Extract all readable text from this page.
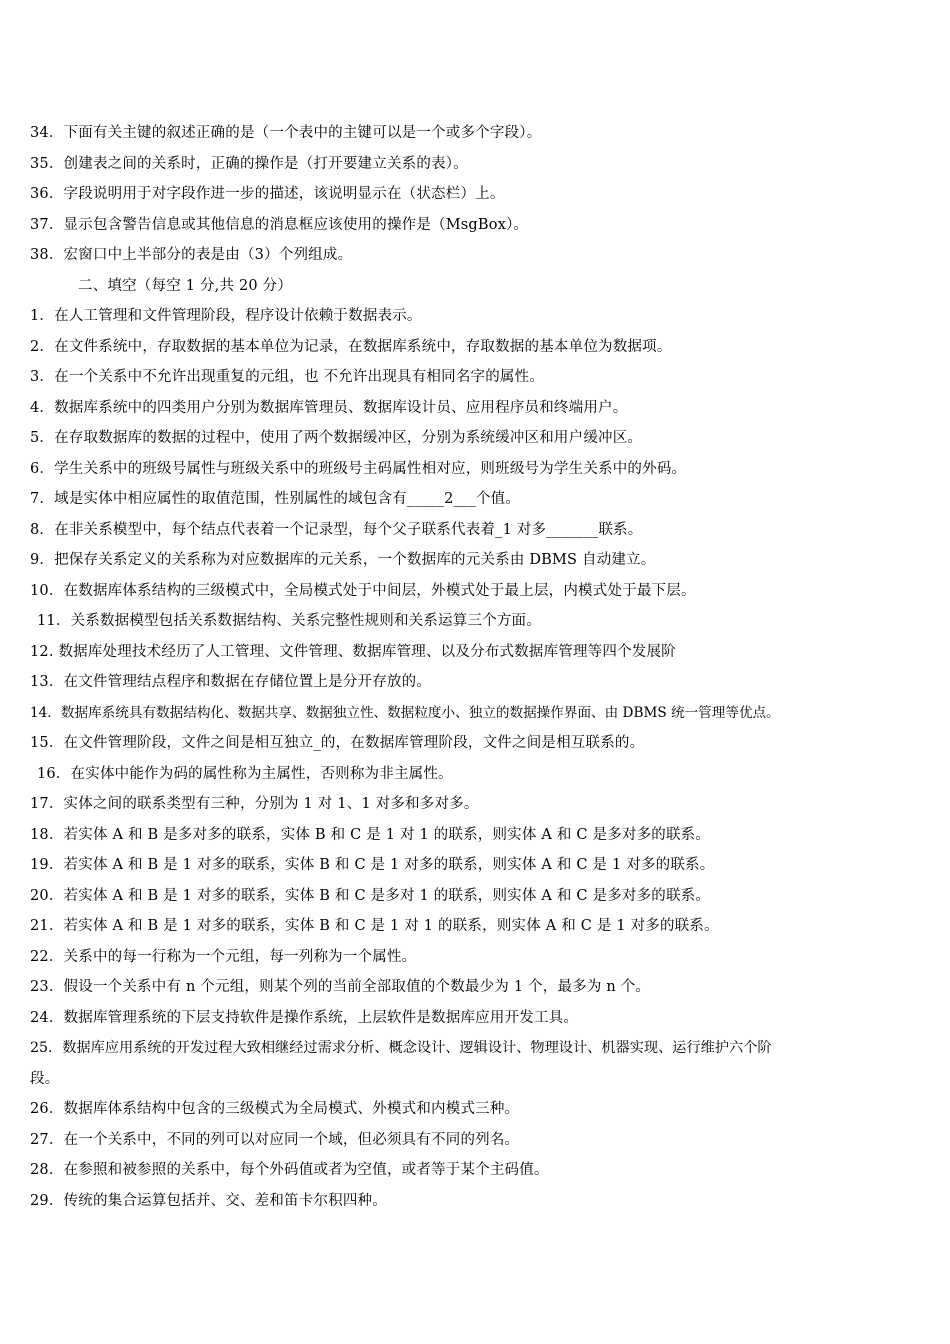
34．下面有关主键的叙述正确的是（一个表中的主键可以是一个或多个字段）。
35．创建表之间的关系时，正确的操作是（打开要建立关系的表）。
36．字段说明用于对字段作进一步的描述，该说明显示在（状态栏）上。
37．显示包含警告信息或其他信息的消息框应该使用的操作是（MsgBox）。
38．宏窗口中上半部分的表是由（3）个列组成。
二、填空（每空 1 分,共 20 分）
1．在人工管理和文件管理阶段，程序设计依赖于数据表示。
2．在文件系统中，存取数据的基本单位为记录，在数据库系统中，存取数据的基本单位为数据项。
3．在一个关系中不允许出现重复的元组，也 不允许出现具有相同名字的属性。
4．数据库系统中的四类用户分别为数据库管理员、数据库设计员、应用程序员和终端用户。
5．在存取数据库的数据的过程中，使用了两个数据缓冲区，分别为系统缓冲区和用户缓冲区。
6．学生关系中的班级号属性与班级关系中的班级号主码属性相对应，则班级号为学生关系中的外码。
7．域是实体中相应属性的取值范围，性别属性的域包含有_____2___个值。
8．在非关系模型中，每个结点代表着一个记录型，每个父子联系代表着_1 对多_______联系。
9．把保存关系定义的关系称为对应数据库的元关系，一个数据库的元关系由 DBMS 自动建立。
10．在数据库体系结构的三级模式中，全局模式处于中间层，外模式处于最上层，内模式处于最下层。
11．关系数据模型包括关系数据结构、关系完整性规则和关系运算三个方面。
12. 数据库处理技术经历了人工管理、文件管理、数据库管理、以及分布式数据库管理等四个发展阶
13．在文件管理结点程序和数据在存储位置上是分开存放的。
14．数据库系统具有数据结构化、数据共享、数据独立性、数据粒度小、独立的数据操作界面、由 DBMS 统一管理等优点。
15．在文件管理阶段，文件之间是相互独立_的，在数据库管理阶段，文件之间是相互联系的。
16．在实体中能作为码的属性称为主属性，否则称为非主属性。
17．实体之间的联系类型有三种，分别为 1 对 1、1 对多和多对多。
18．若实体 A 和 B 是多对多的联系，实体 B 和 C 是 1 对 1 的联系，则实体 A 和 C 是多对多的联系。
19．若实体 A 和 B 是 1 对多的联系，实体 B 和 C 是 1 对多的联系，则实体 A 和 C 是 1 对多的联系。
20．若实体 A 和 B 是 1 对多的联系，实体 B 和 C 是多对 1 的联系，则实体 A 和 C 是多对多的联系。
21．若实体 A 和 B 是 1 对多的联系，实体 B 和 C 是 1 对 1 的联系，则实体 A 和 C 是 1 对多的联系。
22．关系中的每一行称为一个元组，每一列称为一个属性。
23．假设一个关系中有 n 个元组，则某个列的当前全部取值的个数最少为 1 个，最多为 n 个。
24．数据库管理系统的下层支持软件是操作系统，上层软件是数据库应用开发工具。
25．数据库应用系统的开发过程大致相继经过需求分析、概念设计、逻辑设计、物理设计、机器实现、运行维护六个阶
段。
26．数据库体系结构中包含的三级模式为全局模式、外模式和内模式三种。
27．在一个关系中，不同的列可以对应同一个域，但必须具有不同的列名。
28．在参照和被参照的关系中，每个外码值或者为空值，或者等于某个主码值。
29．传统的集合运算包括并、交、差和笛卡尔积四种。
